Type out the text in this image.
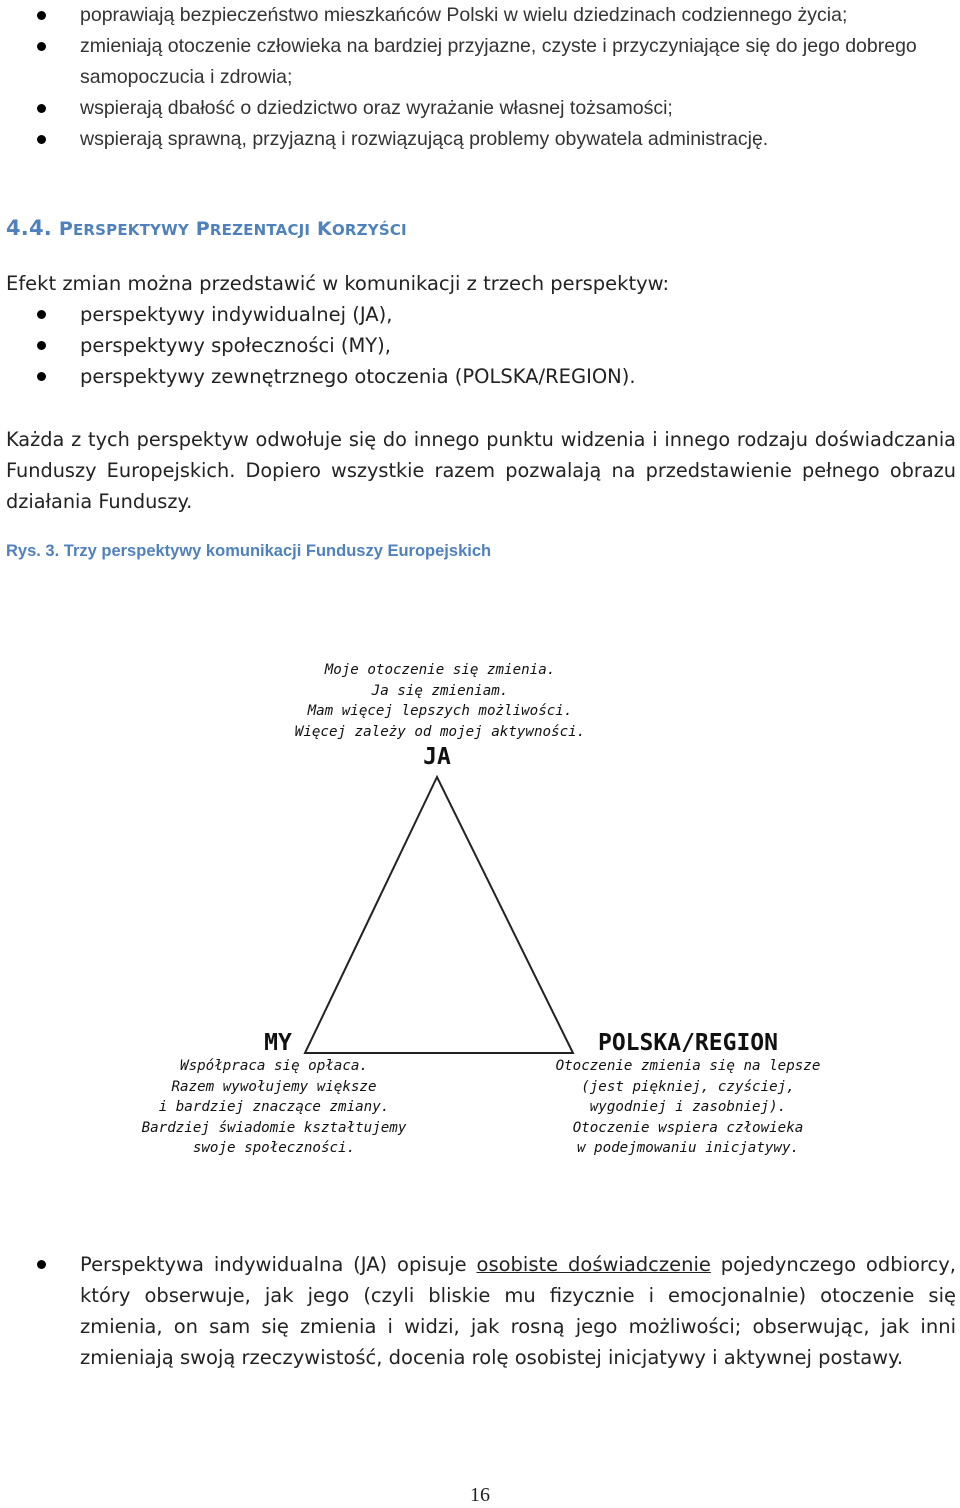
poprawiają bezpieczeństwo mieszkańców Polski w wielu dziedzinach codziennego życia;
zmieniają otoczenie człowieka na bardziej przyjazne, czyste i przyczyniające się do jego dobrego samopoczucia i zdrowia;
wspierają dbałość o dziedzictwo oraz wyrażanie własnej tożsamości;
wspierają sprawną, przyjazną i rozwiązującą problemy obywatela administrację.
4.4. PERSPEKTYWY PREZENTACJI KORZYŚCI
Efekt zmian można przedstawić w komunikacji z trzech perspektyw:
perspektywy indywidualnej (JA),
perspektywy społeczności (MY),
perspektywy zewnętrznego otoczenia (POLSKA/REGION).
Każda z tych perspektyw odwołuje się do innego punktu widzenia i innego rodzaju doświadczania Funduszy Europejskich. Dopiero wszystkie razem pozwalają na przedstawienie pełnego obrazu działania Funduszy.
Rys. 3. Trzy perspektywy komunikacji Funduszy Europejskich
Moje otoczenie się zmienia.
Ja się zmieniam.
Mam więcej lepszych możliwości.
Więcej zależy od mojej aktywności.
JA
MY
Współpraca się opłaca.
Razem wywołujemy większe
i bardziej znaczące zmiany.
Bardziej świadomie kształtujemy
swoje społeczności.
POLSKA/REGION
Otoczenie zmienia się na lepsze
(jest piękniej, czyściej,
wygodniej i zasobniej).
Otoczenie wspiera człowieka
w podejmowaniu inicjatywy.
Perspektywa indywidualna (JA) opisuje osobiste doświadczenie pojedynczego odbiorcy, który obserwuje, jak jego (czyli bliskie mu fizycznie i emocjonalnie) otoczenie się zmienia, on sam się zmienia i widzi, jak rosną jego możliwości; obserwując, jak inni zmieniają swoją rzeczywistość, docenia rolę osobistej inicjatywy i aktywnej postawy.
16
